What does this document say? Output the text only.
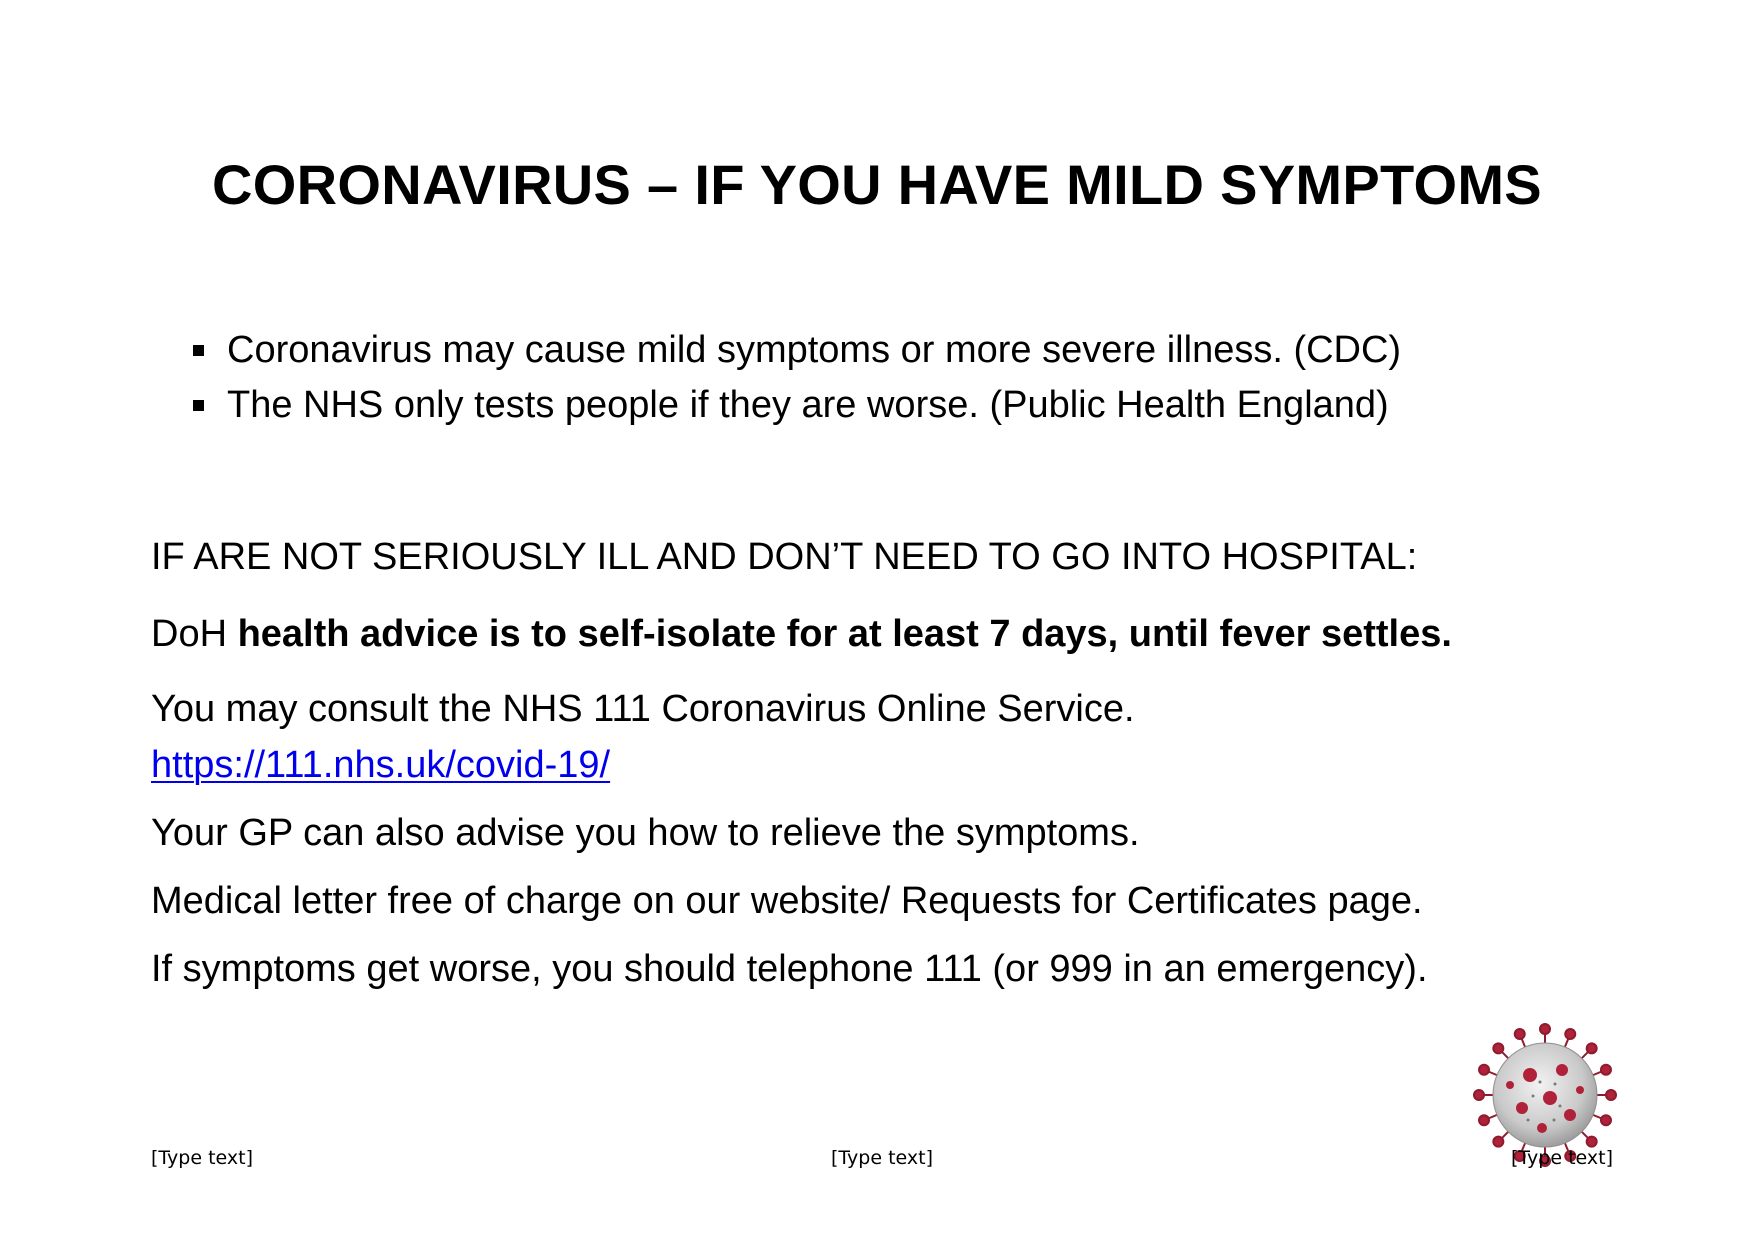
CORONAVIRUS – IF YOU HAVE MILD SYMPTOMS
Coronavirus may cause mild symptoms or more severe illness. (CDC)
The NHS only tests people if they are worse. (Public Health England)

IF ARE NOT SERIOUSLY ILL AND DON’T NEED TO GO INTO HOSPITAL:

DoH health advice is to self-isolate for at least 7 days, until fever settles.

You may consult the NHS 111 Coronavirus Online Service.

https://111.nhs.uk/covid-19/

Your GP can also advise you how to relieve the symptoms.

Medical letter free of charge on our website/ Requests for Certificates page.

If symptoms get worse, you should telephone 111 (or 999 in an emergency).

[Type text]	[Type text]	[Type text]
